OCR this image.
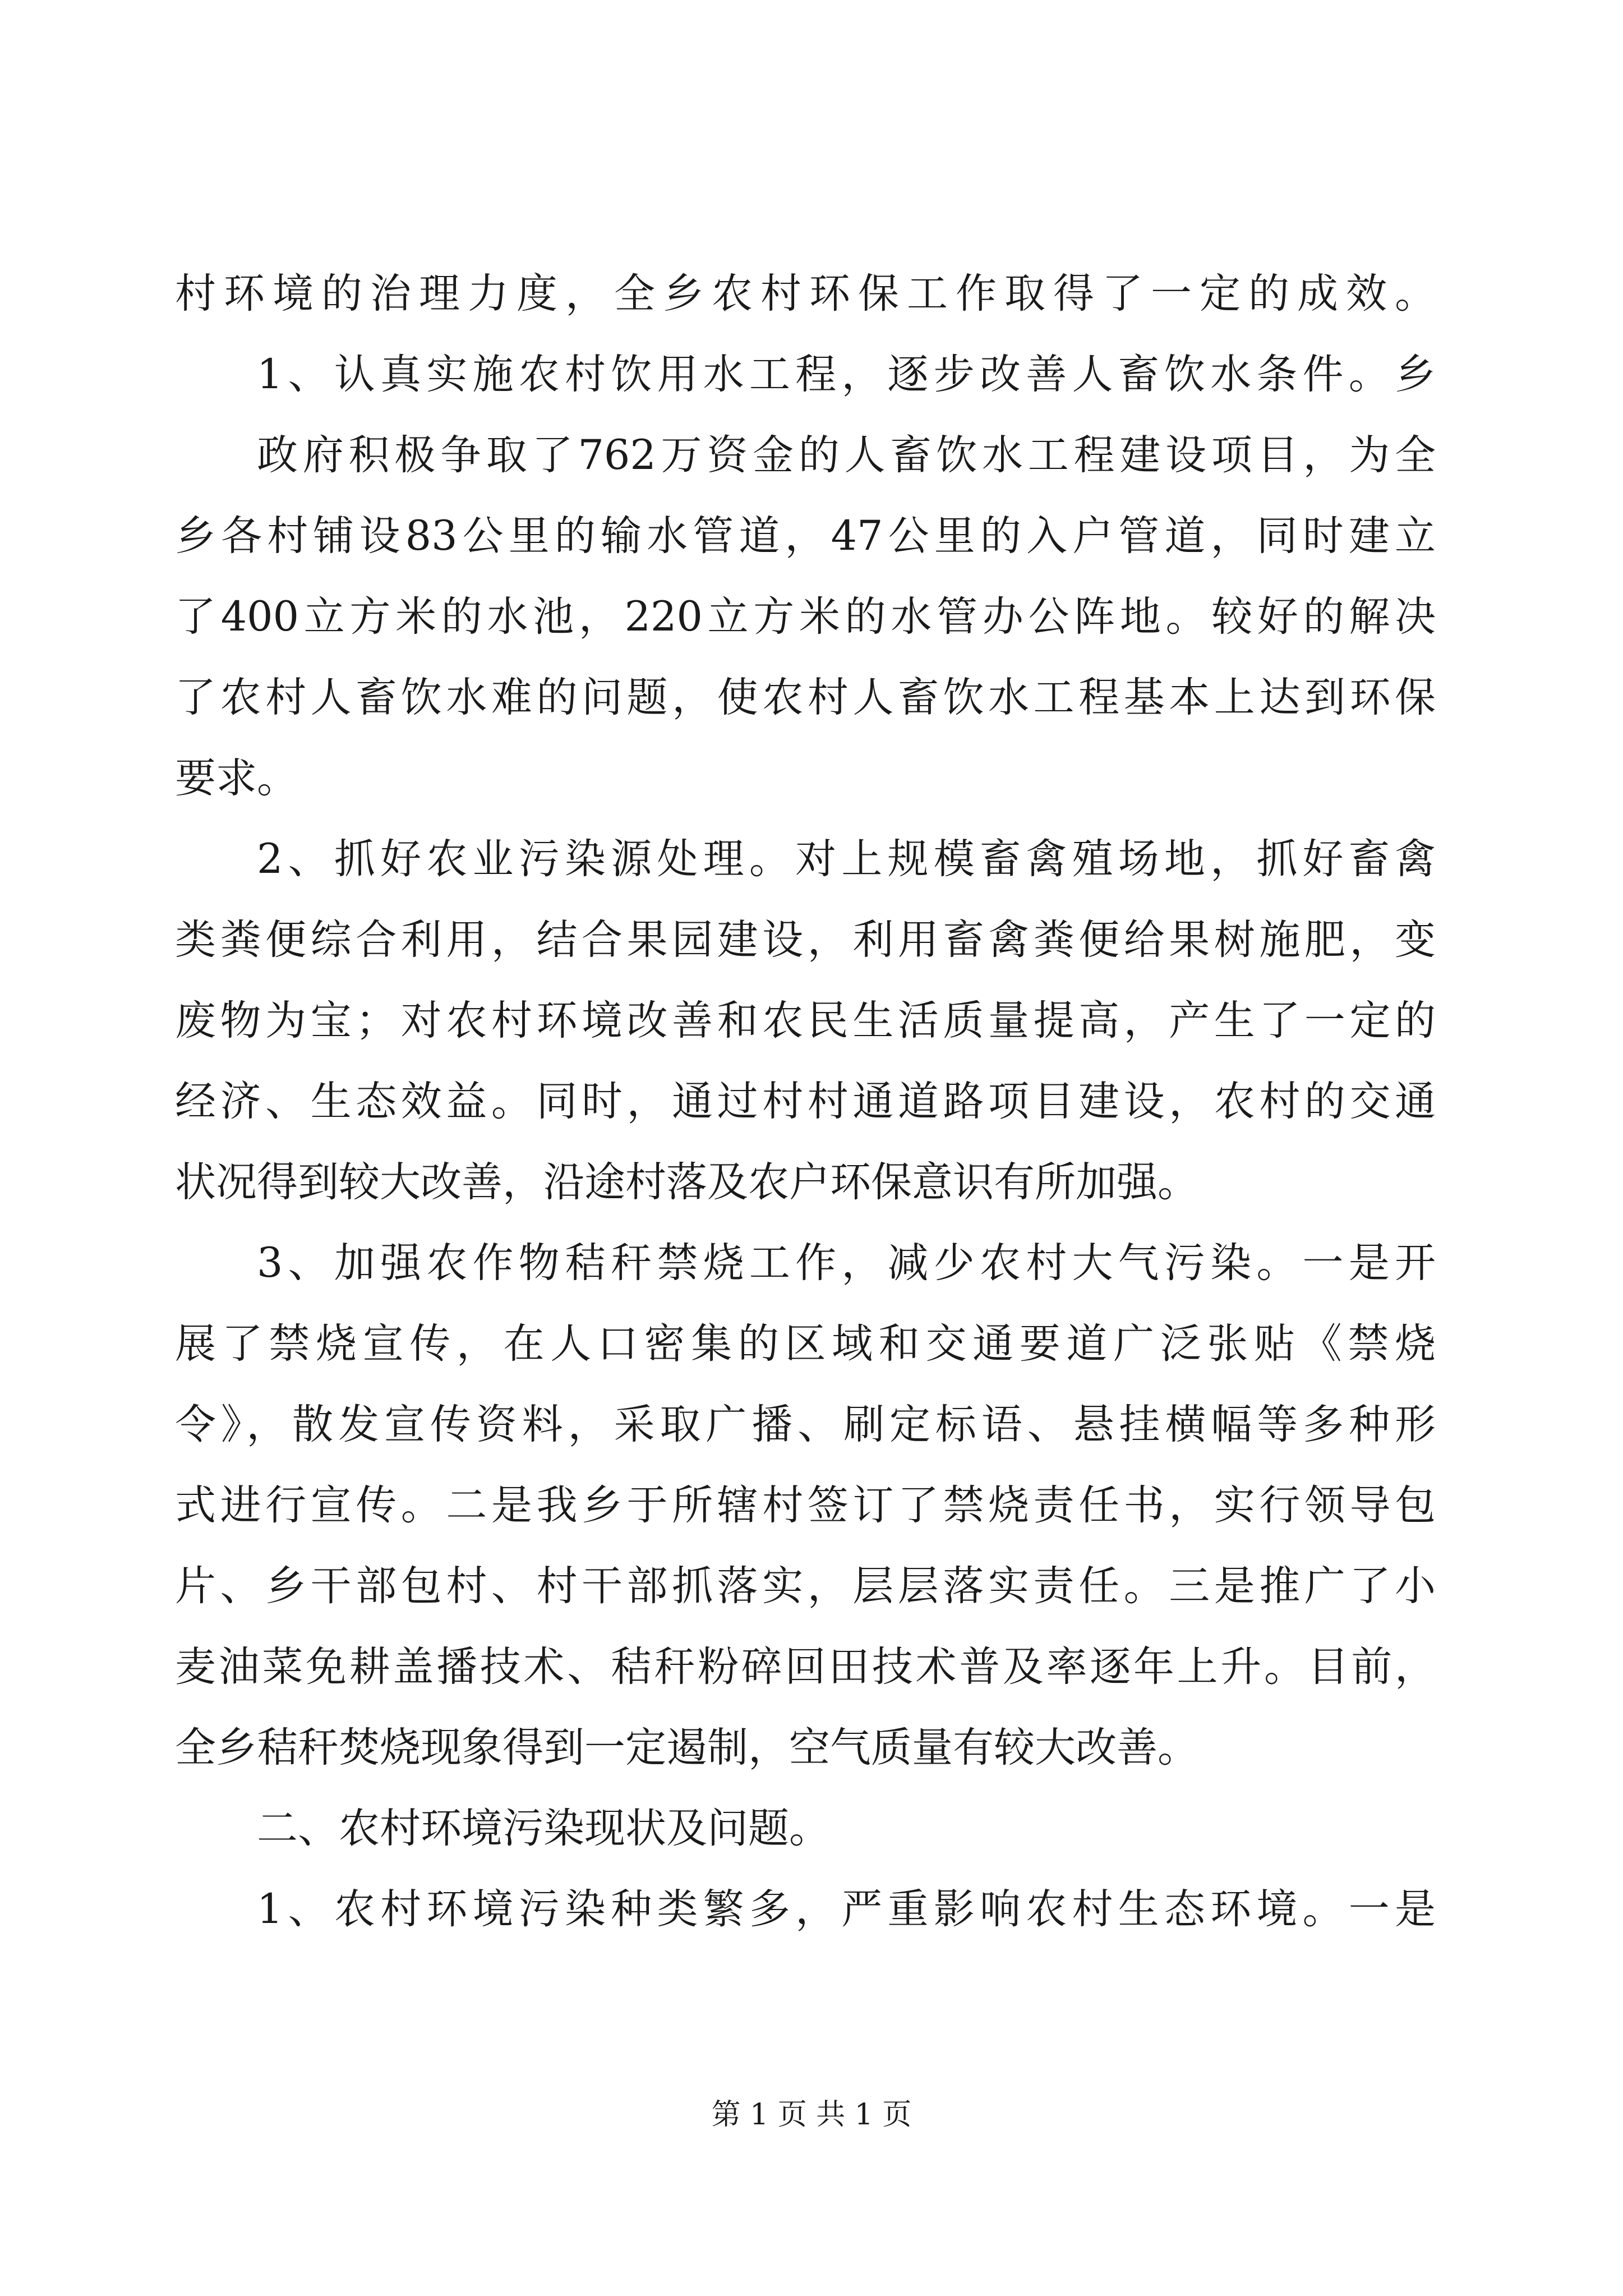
村环境的治理力度，全乡农村环保工作取得了一定的成效。
1、认真实施农村饮用水工程，逐步改善人畜饮水条件。乡
政府积极争取了762万资金的人畜饮水工程建设项目，为全
乡各村铺设83公里的输水管道，47公里的入户管道，同时建立
了400立方米的水池，220立方米的水管办公阵地。较好的解决
了农村人畜饮水难的问题，使农村人畜饮水工程基本上达到环保
要求。
2、抓好农业污染源处理。对上规模畜禽殖场地，抓好畜禽
类粪便综合利用，结合果园建设，利用畜禽粪便给果树施肥，变
废物为宝；对农村环境改善和农民生活质量提高，产生了一定的
经济、生态效益。同时，通过村村通道路项目建设，农村的交通
状况得到较大改善，沿途村落及农户环保意识有所加强。
3、加强农作物秸秆禁烧工作，减少农村大气污染。一是开
展了禁烧宣传，在人口密集的区域和交通要道广泛张贴《禁烧
令》，散发宣传资料，采取广播、刷定标语、悬挂横幅等多种形
式进行宣传。二是我乡于所辖村签订了禁烧责任书，实行领导包
片、乡干部包村、村干部抓落实，层层落实责任。三是推广了小
麦油菜免耕盖播技术、秸秆粉碎回田技术普及率逐年上升。目前，
全乡秸秆焚烧现象得到一定遏制，空气质量有较大改善。
二、农村环境污染现状及问题。
1、农村环境污染种类繁多，严重影响农村生态环境。一是
第 1 页 共 1 页
